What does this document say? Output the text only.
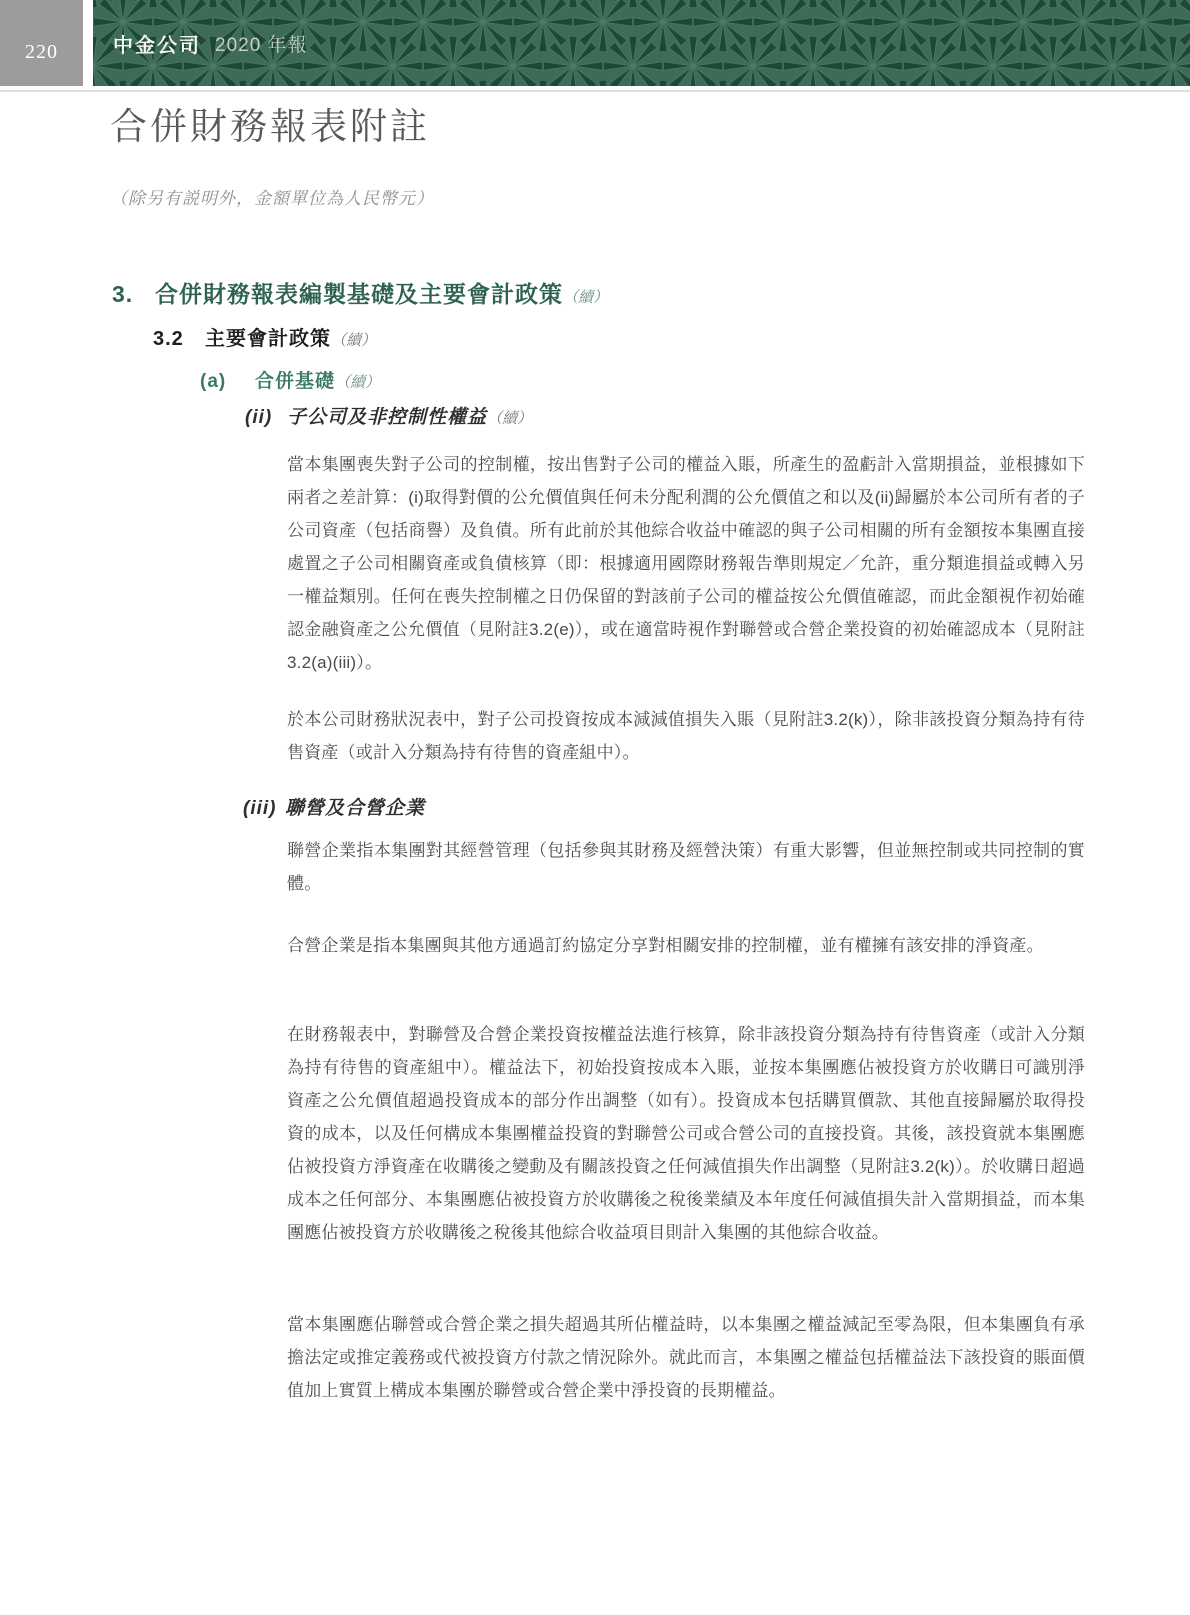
220	中金公司 2020 年報
合併財務報表附註
（除另有説明外，金額單位為人民幣元）
3. 合併財務報表編製基礎及主要會計政策（續）
3.2 主要會計政策（續）
(a) 合併基礎（續）
(ii) 子公司及非控制性權益（續）
當本集團喪失對子公司的控制權，按出售對子公司的權益入賬，所產生的盈虧計入當期損益，並根據如下兩者之差計算：(i)取得對價的公允價值與任何未分配利潤的公允價值之和以及(ii)歸屬於本公司所有者的子公司資產（包括商譽）及負債。所有此前於其他綜合收益中確認的與子公司相關的所有金額按本集團直接處置之子公司相關資產或負債核算（即：根據適用國際財務報告準則規定／允許，重分類進損益或轉入另一權益類別。任何在喪失控制權之日仍保留的對該前子公司的權益按公允價值確認，而此金額視作初始確認金融資產之公允價值（見附註3.2(e)），或在適當時視作對聯營或合營企業投資的初始確認成本（見附註3.2(a)(iii)）。
於本公司財務狀況表中，對子公司投資按成本減減值損失入賬（見附註3.2(k)），除非該投資分類為持有待售資產（或計入分類為持有待售的資產組中）。
(iii) 聯營及合營企業
聯營企業指本集團對其經營管理（包括參與其財務及經營決策）有重大影響，但並無控制或共同控制的實體。
合營企業是指本集團與其他方通過訂約協定分享對相關安排的控制權，並有權擁有該安排的淨資產。
在財務報表中，對聯營及合營企業投資按權益法進行核算，除非該投資分類為持有待售資產（或計入分類為持有待售的資產組中）。權益法下，初始投資按成本入賬，並按本集團應佔被投資方於收購日可識別淨資產之公允價值超過投資成本的部分作出調整（如有）。投資成本包括購買價款、其他直接歸屬於取得投資的成本，以及任何構成本集團權益投資的對聯營公司或合營公司的直接投資。其後，該投資就本集團應佔被投資方淨資產在收購後之變動及有關該投資之任何減值損失作出調整（見附註3.2(k)）。於收購日超過成本之任何部分、本集團應佔被投資方於收購後之稅後業績及本年度任何減值損失計入當期損益，而本集團應佔被投資方於收購後之稅後其他綜合收益項目則計入集團的其他綜合收益。
當本集團應佔聯營或合營企業之損失超過其所佔權益時，以本集團之權益減記至零為限，但本集團負有承擔法定或推定義務或代被投資方付款之情況除外。就此而言，本集團之權益包括權益法下該投資的賬面價值加上實質上構成本集團於聯營或合營企業中淨投資的長期權益。
